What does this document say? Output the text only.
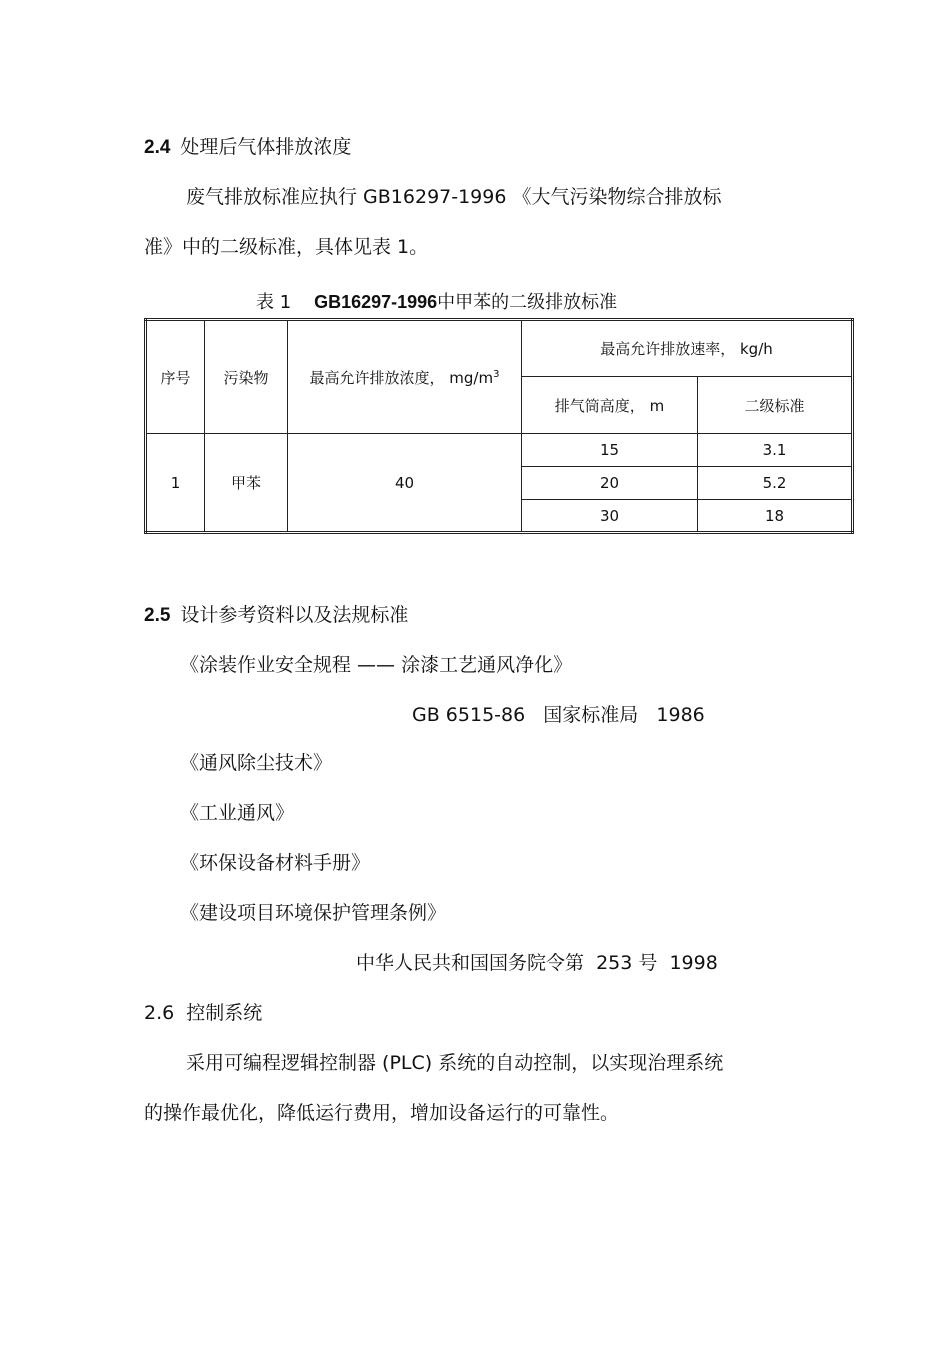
2.4 处理后气体排放浓度
废气排放标准应执行 GB16297-1996 《大气污染物综合排放标
准》中的二级标准，具体见表 1。
表 1 GB16297-1996中甲苯的二级排放标准
序号	污染物	最高允许排放浓度， $mg/m^3$	最高允许排放速率， kg/h	
			排气筒高度， m	二级标准
1	甲苯	40	15	3.1
			20	5.2
			30	18
2.5 设计参考资料以及法规标准
《涂装作业安全规程 —— 涂漆工艺通风净化》
GB 6515-86   国家标准局   1986
《通风除尘技术》
《工业通风》
《环保设备材料手册》
《建设项目环境保护管理条例》
中华人民共和国国务院令第  253 号  1998
2.6  控制系统
采用可编程逻辑控制器 (PLC) 系统的自动控制，以实现治理系统
的操作最优化，降低运行费用，增加设备运行的可靠性。
